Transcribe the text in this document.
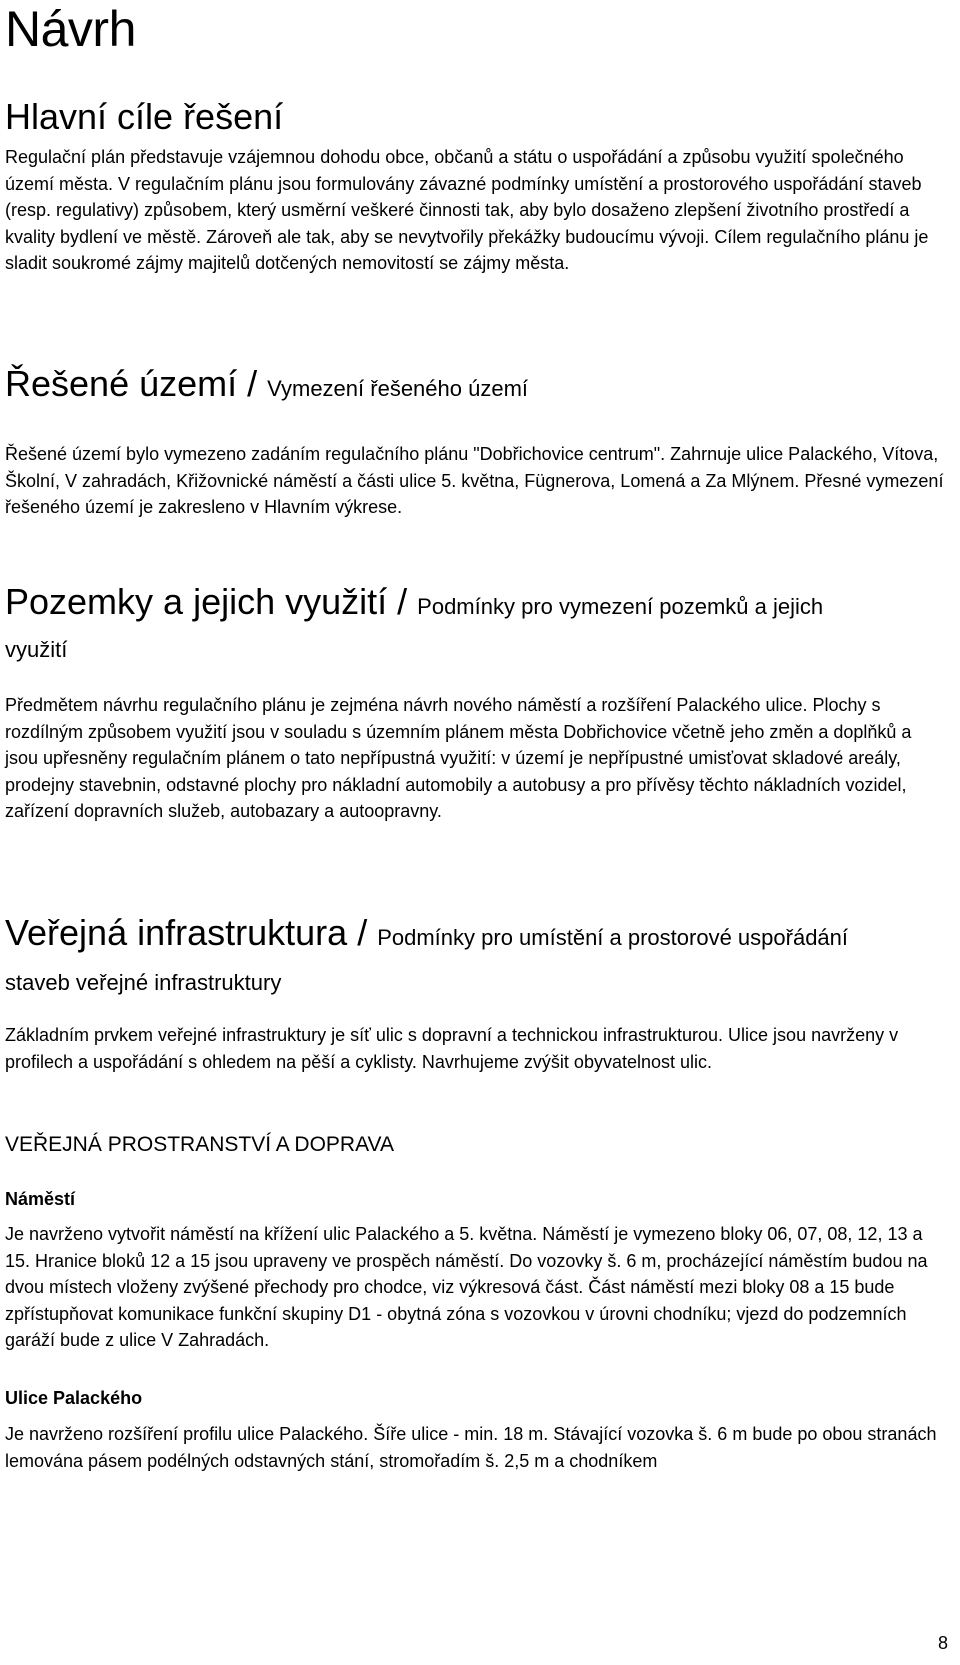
Návrh
Hlavní cíle řešení

Regulační plán představuje vzájemnou dohodu obce, občanů a státu o uspořádání a způsobu využití společného území města. V regulačním plánu jsou formulovány závazné podmínky umístění a prostorového uspořádání staveb (resp. regulativy) způsobem, který usměrní veškeré činnosti tak, aby bylo dosaženo zlepšení životního prostředí a kvality bydlení ve městě. Zároveň ale tak, aby se nevytvořily překážky budoucímu vývoji. Cílem regulačního plánu je sladit soukromé zájmy majitelů dotčených nemovitostí se zájmy města.

Řešené území / Vymezení řešeného území

Řešené území bylo vymezeno zadáním regulačního plánu "Dobřichovice centrum". Zahrnuje ulice Palackého, Vítova, Školní, V zahradách, Křižovnické náměstí a části ulice 5. května, Fügnerova, Lomená a Za Mlýnem. Přesné vymezení řešeného území je zakresleno v Hlavním výkrese.

Pozemky a jejich využití / Podmínky pro vymezení pozemků a jejich využití

Předmětem návrhu regulačního plánu je zejména návrh nového náměstí a rozšíření Palackého ulice. Plochy s rozdílným způsobem využití jsou v souladu s územním plánem města Dobřichovice včetně jeho změn a doplňků a jsou upřesněny regulačním plánem o tato nepřípustná využití: v území je nepřípustné umisťovat skladové areály, prodejny stavebnin, odstavné plochy pro nákladní automobily a autobusy a pro přívěsy těchto nákladních vozidel, zařízení dopravních služeb, autobazary a autoopravny.

Veřejná infrastruktura / Podmínky pro umístění a prostorové uspořádání staveb veřejné infrastruktury

Základním prvkem veřejné infrastruktury je síť ulic s dopravní a technickou infrastrukturou. Ulice jsou navrženy v profilech a uspořádání s ohledem na pěší a cyklisty. Navrhujeme zvýšit obyvatelnost ulic.

VEŘEJNÁ PROSTRANSTVÍ A DOPRAVA
Náměstí

Je navrženo vytvořit náměstí na křížení ulic Palackého a 5. května. Náměstí je vymezeno bloky 06, 07, 08, 12, 13 a 15. Hranice bloků 12 a 15 jsou upraveny ve prospěch náměstí. Do vozovky š. 6 m, procházející náměstím budou na dvou místech vloženy zvýšené přechody pro chodce, viz výkresová část. Část náměstí mezi bloky 08 a 15 bude zpřístupňovat komunikace funkční skupiny D1 - obytná zóna s vozovkou v úrovni chodníku; vjezd do podzemních garáží bude z ulice V Zahradách.

Ulice Palackého

Je navrženo rozšíření profilu ulice Palackého. Šíře ulice - min. 18 m. Stávající vozovka š. 6 m bude po obou stranách lemována pásem podélných odstavných stání, stromořadím š. 2,5 m a chodníkem

8
